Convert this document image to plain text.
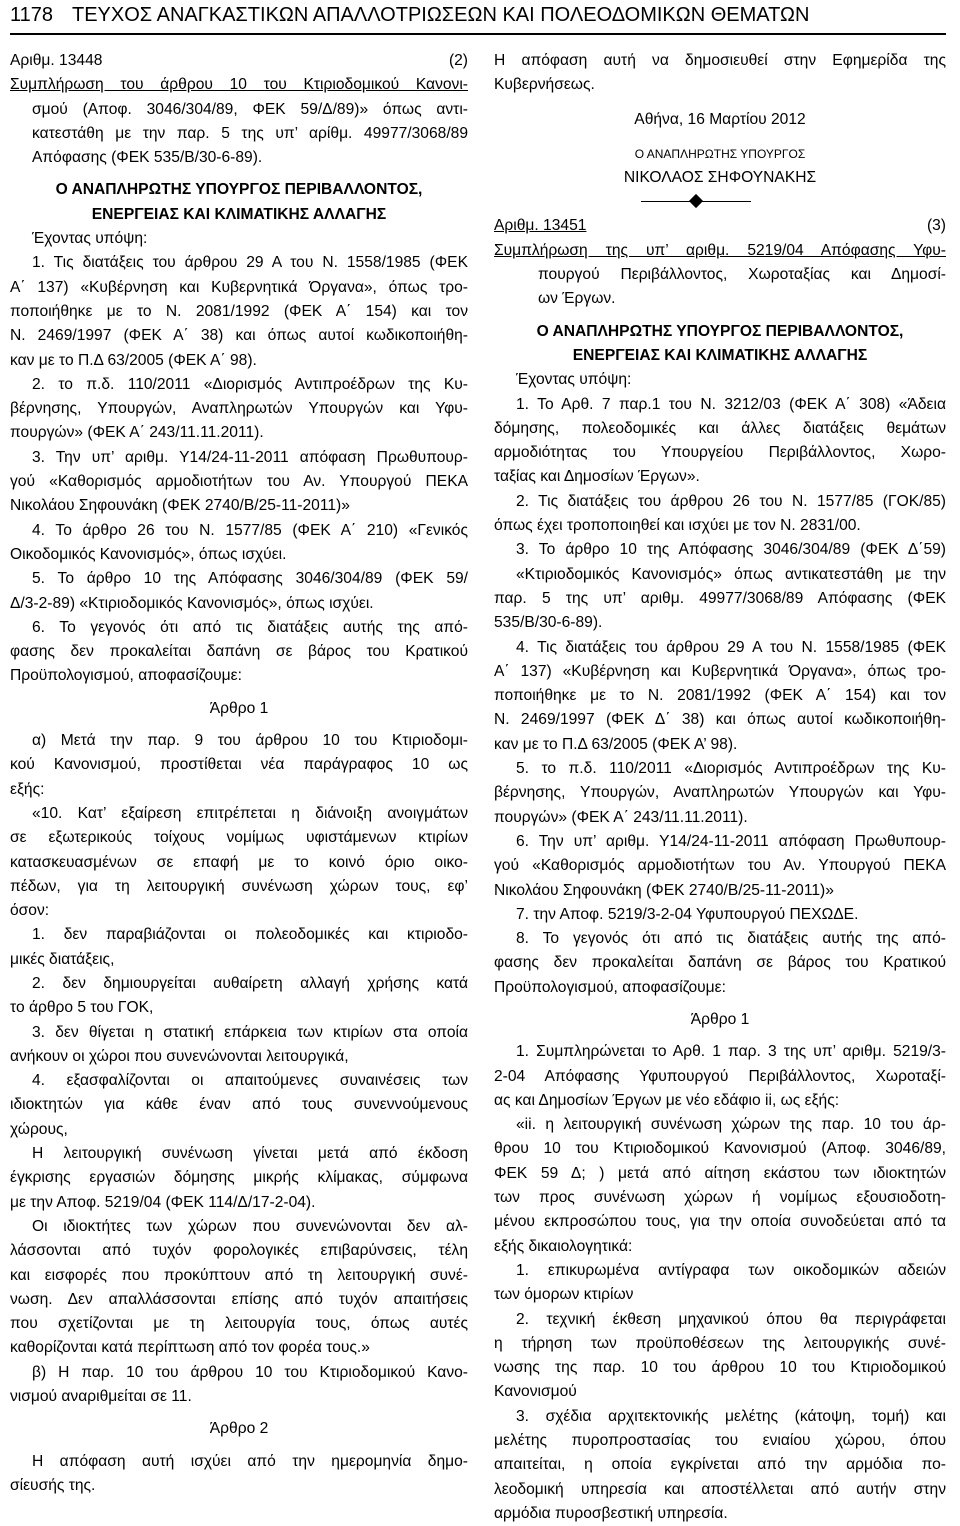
1178 ΤΕΥΧΟΣ ΑΝΑΓΚΑΣΤΙΚΩΝ ΑΠΑΛΛΟΤΡΙΩΣΕΩΝ ΚΑΙ ΠΟΛΕΟΔΟΜΙΚΩΝ ΘΕΜΑΤΩΝ
Αριθμ. 13448	(2)
Συμπλήρωση του άρθρου 10 του Κτιριοδομικού Κανονι-
σμού (Αποφ. 3046/304/89, ΦΕΚ 59/Δ/89)» όπως αντι-
κατεστάθη με την παρ. 5 της υπ’ αρίθμ. 49977/3068/89
Απόφασης (ΦΕΚ 535/Β/30-6-89).
Ο ΑΝΑΠΛΗΡΩΤΗΣ ΥΠΟΥΡΓΟΣ ΠΕΡΙΒΑΛΛΟΝΤΟΣ,
ΕΝΕΡΓΕΙΑΣ ΚΑΙ ΚΛΙΜΑΤΙΚΗΣ ΑΛΛΑΓΗΣ
Έχοντας υπόψη:
1. Τις διατάξεις του άρθρου 29 Α του Ν. 1558/1985 (ΦΕΚ
Α΄ 137) «Κυβέρνηση και Κυβερνητικά Όργανα», όπως τρο-
ποποιήθηκε με το Ν. 2081/1992 (ΦΕΚ Α΄ 154) και τον
Ν. 2469/1997 (ΦΕΚ Α΄ 38) και όπως αυτοί κωδικοποιήθη-
καν με το Π.Δ 63/2005 (ΦΕΚ Α΄ 98).
2. το π.δ. 110/2011 «Διορισμός Αντιπροέδρων της Κυ-
βέρνησης, Υπουργών, Αναπληρωτών Υπουργών και Υφυ-
πουργών» (ΦΕΚ Α΄ 243/11.11.2011).
3. Την υπ’ αριθμ. Υ14/24-11-2011 απόφαση Πρωθυπουρ-
γού «Καθορισμός αρμοδιοτήτων του Αν. Υπουργού ΠΕΚΑ
Νικολάου Σηφουνάκη (ΦΕΚ 2740/Β/25-11-2011)»
4. Το άρθρο 26 του Ν. 1577/85 (ΦΕΚ Α΄ 210) «Γενικός
Οικοδομικός Κανονισμός», όπως ισχύει.
5. Το άρθρο 10 της Απόφασης 3046/304/89 (ΦΕΚ 59/
Δ/3-2-89) «Κτιριοδομικός Κανονισμός», όπως ισχύει.
6. Το γεγονός ότι από τις διατάξεις αυτής της από-
φασης δεν προκαλείται δαπάνη σε βάρος του Κρατικού
Προϋπολογισμού, αποφασίζουμε:
Άρθρο 1
α) Μετά την παρ. 9 του άρθρου 10 του Κτιριοδομι-
κού Κανονισμού, προστίθεται νέα παράγραφος 10 ως
εξής:
«10. Κατ’ εξαίρεση επιτρέπεται η διάνοιξη ανοιγμάτων
σε εξωτερικούς τοίχους νομίμως υφιστάμενων κτιρίων
κατασκευασμένων σε επαφή με το κοινό όριο οικο-
πέδων, για τη λειτουργική συνένωση χώρων τους, εφ’
όσον:
1. δεν παραβιάζονται οι πολεοδομικές και κτιριοδο-
μικές διατάξεις,
2. δεν δημιουργείται αυθαίρετη αλλαγή χρήσης κατά
το άρθρο 5 του ΓΟΚ,
3. δεν θίγεται η στατική επάρκεια των κτιρίων στα οποία
ανήκουν οι χώροι που συνενώνονται λειτουργικά,
4. εξασφαλίζονται οι απαιτούμενες συναινέσεις των
ιδιοκτητών για κάθε έναν από τους συνεννούμενους
χώρους,
Η λειτουργική συνένωση γίνεται μετά από έκδοση
έγκρισης εργασιών δόμησης μικρής κλίμακας, σύμφωνα
με την Αποφ. 5219/04 (ΦΕΚ 114/Δ/17-2-04).
Οι ιδιοκτήτες των χώρων που συνενώνονται δεν αλ-
λάσσονται από τυχόν φορολογικές επιβαρύνσεις, τέλη
και εισφορές που προκύπτουν από τη λειτουργική συνέ-
νωση. Δεν απαλλάσσονται επίσης από τυχόν απαιτήσεις
που σχετίζονται με τη λειτουργία τους, όπως αυτές
καθορίζονται κατά περίπτωση από τον φορέα τους.»
β) Η παρ. 10 του άρθρου 10 του Κτιριοδομικού Κανο-
νισμού αναριθμείται σε 11.
Άρθρο 2
Η απόφαση αυτή ισχύει από την ημερομηνία δημο-
σίευσής της.
Η απόφαση αυτή να δημοσιευθεί στην Εφημερίδα της
Κυβερνήσεως.
Αθήνα, 16 Μαρτίου 2012
Ο ΑΝΑΠΛΗΡΩΤΗΣ ΥΠΟΥΡΓΟΣ
ΝΙΚΟΛΑΟΣ ΣΗΦΟΥΝΑΚΗΣ
Αριθμ. 13451	(3)
Συμπλήρωση της υπ’ αριθμ. 5219/04 Απόφασης Υφυ-
πουργού Περιβάλλοντος, Χωροταξίας και Δημοσί-
ων Έργων.
Ο ΑΝΑΠΛΗΡΩΤΗΣ ΥΠΟΥΡΓΟΣ ΠΕΡΙΒΑΛΛΟΝΤΟΣ,
ΕΝΕΡΓΕΙΑΣ ΚΑΙ ΚΛΙΜΑΤΙΚΗΣ ΑΛΛΑΓΗΣ
Έχοντας υπόψη:
1. Το Αρθ. 7 παρ.1 του Ν. 3212/03 (ΦΕΚ Α΄ 308) «Άδεια
δόμησης, πολεοδομικές και άλλες διατάξεις θεμάτων
αρμοδιότητας του Υπουργείου Περιβάλλοντος, Χωρο-
ταξίας και Δημοσίων Έργων».
2. Τις διατάξεις του άρθρου 26 του Ν. 1577/85 (ΓΟΚ/85)
όπως έχει τροποποιηθεί και ισχύει με τον Ν. 2831/00.
3. Το άρθρο 10 της Απόφασης 3046/304/89 (ΦΕΚ Δ΄59)
«Κτιριοδομικός Κανονισμός» όπως αντικατεστάθη με την
παρ. 5 της υπ’ αριθμ. 49977/3068/89 Απόφασης (ΦΕΚ
535/Β/30-6-89).
4. Τις διατάξεις του άρθρου 29 Α του Ν. 1558/1985 (ΦΕΚ
Α΄ 137) «Κυβέρνηση και Κυβερνητικά Όργανα», όπως τρο-
ποποιήθηκε με το Ν. 2081/1992 (ΦΕΚ Α΄ 154) και τον
Ν. 2469/1997 (ΦΕΚ Δ΄ 38) και όπως αυτοί κωδικοποιήθη-
καν με το Π.Δ 63/2005 (ΦΕΚ Α’ 98).
5. το π.δ. 110/2011 «Διορισμός Αντιπροέδρων της Κυ-
βέρνησης, Υπουργών, Αναπληρωτών Υπουργών και Υφυ-
πουργών» (ΦΕΚ Α΄ 243/11.11.2011).
6. Την υπ’ αριθμ. Υ14/24-11-2011 απόφαση Πρωθυπουρ-
γού «Καθορισμός αρμοδιοτήτων του Αν. Υπουργού ΠΕΚΑ
Νικολάου Σηφουνάκη (ΦΕΚ 2740/Β/25-11-2011)»
7. την Αποφ. 5219/3-2-04 Υφυπουργού ΠΕΧΩΔΕ.
8. Το γεγονός ότι από τις διατάξεις αυτής της από-
φασης δεν προκαλείται δαπάνη σε βάρος του Κρατικού
Προϋπολογισμού, αποφασίζουμε:
Άρθρο 1
1. Συμπληρώνεται το Αρθ. 1 παρ. 3 της υπ’ αριθμ. 5219/3-
2-04 Απόφασης Υφυπουργού Περιβάλλοντος, Χωροταξί-
ας και Δημοσίων Έργων με νέο εδάφιο ii, ως εξής:
«ii. η λειτουργική συνένωση χώρων της παρ. 10 του άρ-
θρου 10 του Κτιριοδομικού Κανονισμού (Αποφ. 3046/89,
ΦΕΚ 59 Δ; ) μετά από αίτηση εκάστου των ιδιοκτητών
των προς συνένωση χώρων ή νομίμως εξουσιοδοτη-
μένου εκπροσώπου τους, για την οποία συνοδεύεται από τα
εξής δικαιολογητικά:
1. επικυρωμένα αντίγραφα των οικοδομικών αδειών
των όμορων κτιρίων
2. τεχνική έκθεση μηχανικού όπου θα περιγράφεται
η τήρηση των προϋποθέσεων της λειτουργικής συνέ-
νωσης της παρ. 10 του άρθρου 10 του Κτιριοδομικού
Κανονισμού
3. σχέδια αρχιτεκτονικής μελέτης (κάτοψη, τομή) και
μελέτης πυροπροστασίας του ενιαίου χώρου, όπου
απαιτείται, η οποία εγκρίνεται από την αρμόδια πο-
λεοδομική υπηρεσία και αποστέλλεται από αυτήν στην
αρμόδια πυροσβεστική υπηρεσία.
